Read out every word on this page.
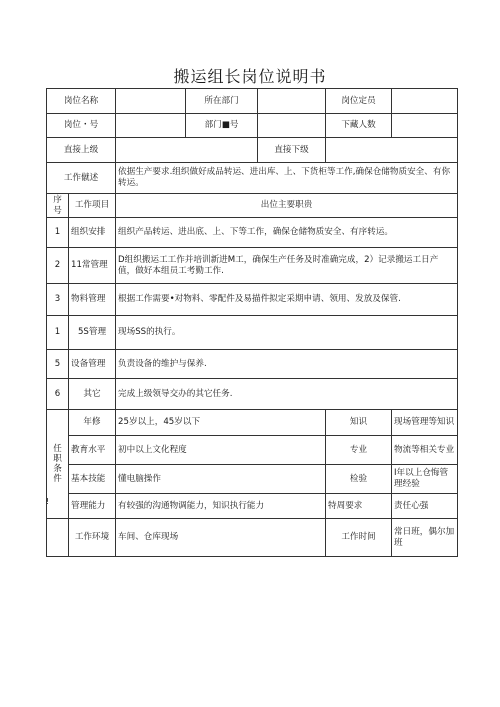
搬运组长岗位说明书
岗位名称			所在部门		岗位定员	
岗位・号			部门■号		下藏人数	
直接上级				直接下级		
工作僦述		依据生产要求.组织做好成品转运、进出库、上、下货柜等工作,确保仓储物质安全、有你转运。				
序号	工作项目	出位主要职贵				
1	组织安排	组织产品转运、进出底、上、下等工作，确保仓储物质安全、有序转运。				
2	11常管理	D组织搬运工工作并培训新进M工，确保生产任务及时准确完成，2）记录搬运工日产值，做好本组员工考勤工作.				
3	物料管理	根据工作需要•对物料、零配件及易描件拟定采期申请、领用、发放及保管.				
1	5S管理	现场SS的执行。				
5	设备管理	负责设备的维护与保养.				
6	其它	完成上级领导交办的其它任务.				

任
职
条
件	年修	25岁以上，45岁以下			知识	现场管理等知识
	教育水平	初中以上文化程度			专业	物流等相关专业
	基本技能	懂电脑操作			检验	I年以上仓悔管理经验
	管理能力	有较强的沟通物调能力，知识执行能力			特周要求	责任心强
	工作环境	车间、仓库现场			工作时间	常日班，偶尔加班
!
